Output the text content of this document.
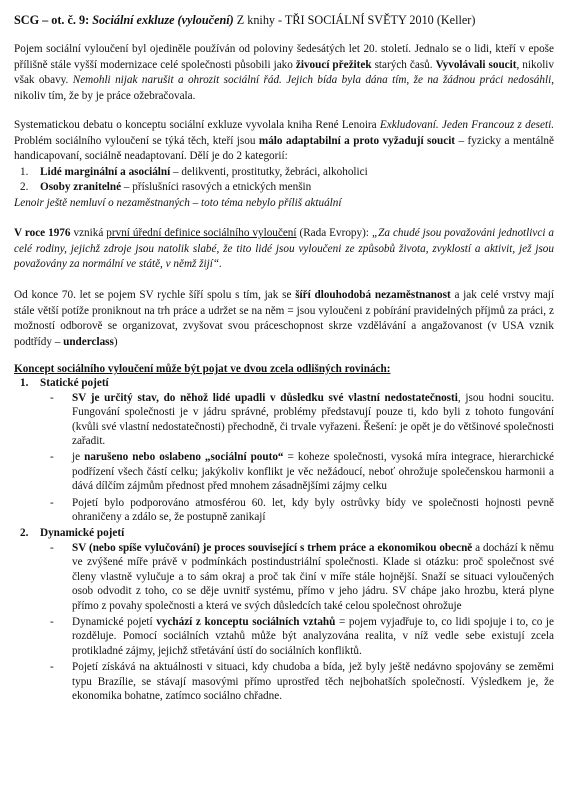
SCG – ot. č. 9: Sociální exkluze (vyloučení) Z knihy - TŘI SOCIÁLNÍ SVĚTY 2010 (Keller)
Pojem sociální vyloučení byl ojediněle používán od poloviny šedesátých let 20. století. Jednalo se o lidi, kteří v epoše přílišně stále vyšší modernizace celé společnosti působili jako živoucí přežitek starých časů. Vyvolávali soucit, nikoliv však obavy. Nemohli nijak narušit a ohrozit sociální řád. Jejich bída byla dána tím, že na žádnou práci nedosáhli, nikoliv tím, že by je práce ožebračovala.
Systematickou debatu o konceptu sociální exkluze vyvolala kniha René Lenoira Exkludovaní. Jeden Francouz z deseti. Problém sociálního vyloučení se týká těch, kteří jsou málo adaptabilní a proto vyžadují soucit – fyzicky a mentálně handicapovaní, sociálně neadaptovaní. Dělí je do 2 kategorií:
1. Lidé marginální a asociální – delikventi, prostitutky, žebráci, alkoholici
2. Osoby zranitelné – příslušníci rasových a etnických menšin
Lenoir ještě nemluví o nezaměstnaných – toto téma nebylo příliš aktuální
V roce 1976 vzniká první úřední definice sociálního vyloučení (Rada Evropy): „Za chudé jsou považováni jednotlivci a celé rodiny, jejichž zdroje jsou natolik slabé, že tito lidé jsou vyloučeni ze způsobů života, zvyklostí a aktivit, jež jsou považovány za normální ve státě, v němž žijí“.
Od konce 70. let se pojem SV rychle šíří spolu s tím, jak se šíří dlouhodobá nezaměstnanost a jak celé vrstvy mají stále větší potíže proniknout na trh práce a udržet se na něm = jsou vyloučeni z pobírání pravidelných příjmů za práci, z možností odborově se organizovat, zvyšovat svou práceschopnost skrze vzdělávání a angažovanost (v USA vznik podtřídy – underclass)
Koncept sociálního vyloučení může být pojat ve dvou zcela odlišných rovinách:
1. Statické pojetí
- SV je určitý stav, do něhož lidé upadli v důsledku své vlastní nedostatečnosti, jsou hodni soucitu. Fungování společnosti je v jádru správné, problémy představují pouze ti, kdo byli z tohoto fungování (kvůli své vlastní nedostatečnosti) přechodně, či trvale vyřazeni. Řešení: je opět je do většinové společnosti zařadit.
- je narušeno nebo oslabeno „sociální pouto“ = koheze společnosti, vysoká míra integrace, hierarchické podřízení všech částí celku; jakýkoliv konflikt je věc nežádoucí, neboť ohrožuje společenskou harmonii a dává dílčím zájmům přednost před mnohem zásadnějšími zájmy celku
- Pojetí bylo podporováno atmosférou 60. let, kdy byly ostrůvky bídy ve společnosti hojnosti pevně ohraničeny a zdálo se, že postupně zanikají
2. Dynamické pojetí
- SV (nebo spíše vylučování) je proces související s trhem práce a ekonomikou obecně a dochází k němu ve zvýšené míře právě v podmínkách postindustriální společnosti. Klade si otázku: proč společnost své členy vlastně vylučuje a to sám okraj a proč tak činí v míře stále hojnější. Snaží se situaci vyloučených osob odvodit z toho, co se děje uvnitř systému, přímo v jeho jádru. SV chápe jako hrozbu, která plyne přímo z povahy společnosti a která ve svých důsledcích také celou společnost ohrožuje
- Dynamické pojetí vychází z konceptu sociálních vztahů = pojem vyjadřuje to, co lidi spojuje i to, co je rozděluje. Pomocí sociálních vztahů může být analyzována realita, v níž vedle sebe existují zcela protikladné zájmy, jejichž střetávání ústí do sociálních konfliktů.
- Pojetí získává na aktuálnosti v situaci, kdy chudoba a bída, jež byly ještě nedávno spojovány se zeměmi typu Brazílie, se stávají masovými přímo uprostřed těch nejbohatších společností. Výsledkem je, že ekonomika bohatne, zatímco sociálno chřadne.
